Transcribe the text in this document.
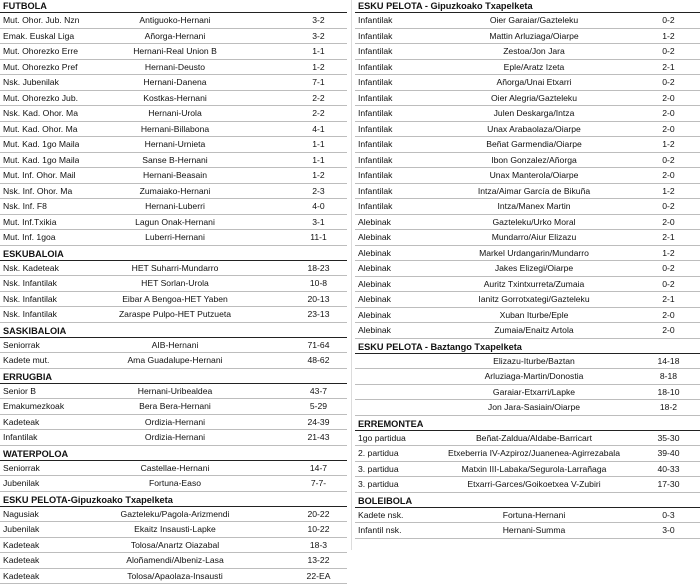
FUTBOLA
Mut. Ohor. Jub. Nzn	Antiguoko-Hernani	3-2
Emak. Euskal Liga	Añorga-Hernani	3-2
Mut. Ohorezko Erre	Hernani-Real Union B	1-1
Mut. Ohorezko Pref	Hernani-Deusto	1-2
Nsk. Jubenilak	Hernani-Danena	7-1
Mut. Ohorezko Jub.	Kostkas-Hernani	2-2
Nsk. Kad. Ohor. Ma	Hernani-Urola	2-2
Mut. Kad. Ohor. Ma	Hernani-Billabona	4-1
Mut. Kad. 1go Maila	Hernani-Urnieta	1-1
Mut. Kad. 1go Maila	Sanse B-Hernani	1-1
Mut. Inf. Ohor. Mail	Hernani-Beasain	1-2
Nsk. Inf. Ohor. Ma	Zumaiako-Hernani	2-3
Nsk. Inf. F8	Hernani-Luberri	4-0
Mut. Inf.Txikia	Lagun Onak-Hernani	3-1
Mut. Inf. 1goa	Luberri-Hernani	11-1
ESKUBALOIA
Nsk. Kadeteak	HET Suharri-Mundarro	18-23
Nsk. Infantilak	HET Sorlan-Urola	10-8
Nsk. Infantilak	Eibar A Bengoa-HET Yaben	20-13
Nsk. Infantilak	Zaraspe Pulpo-HET Putzueta	23-13
SASKIBALOIA
Seniorrak	AIB-Hernani	71-64
Kadete mut.	Ama Guadalupe-Hernani	48-62
ERRUGBIA
Senior B	Hernani-Uribealdea	43-7
Emakumezkoak	Bera Bera-Hernani	5-29
Kadeteak	Ordizia-Hernani	24-39
Infantilak	Ordizia-Hernani	21-43
WATERPOLOA
Seniorrak	Castellae-Hernani	14-7
Jubenilak	Fortuna-Easo	7-7-
ESKU PELOTA-Gipuzkoako Txapelketa
Nagusiak	Gazteleku/Pagola-Arizmendi	20-22
Jubenilak	Ekaitz Insausti-Lapke	10-22
Kadeteak	Tolosa/Anartz Oiazabal	18-3
Kadeteak	Aloñamendi/Albeniz-Lasa	13-22
Kadeteak	Tolosa/Apaolaza-Insausti	22-EA
ESKU PELOTA - Gipuzkoako Txapelketa
Infantilak	Oier Garaiar/Gazteleku	0-2
Infantilak	Mattin Arluziaga/Oiarpe	1-2
Infantilak	Zestoa/Jon Jara	0-2
Infantilak	Eple/Aratz Izeta	2-1
Infantilak	Añorga/Unai Etxarri	0-2
Infantilak	Oier Alegria/Gazteleku	2-0
Infantilak	Julen Deskarga/Intza	2-0
Infantilak	Unax Arabaolaza/Oiarpe	2-0
Infantilak	Beñat Garmendia/Oiarpe	1-2
Infantilak	Ibon Gonzalez/Añorga	0-2
Infantilak	Unax Manterola/Oiarpe	2-0
Infantilak	Intza/Aimar García de Bikuña	1-2
Infantilak	Intza/Manex Martin	0-2
Alebinak	Gazteleku/Urko Moral	2-0
Alebinak	Mundarro/Aiur Elizazu	2-1
Alebinak	Markel Urdangarin/Mundarro	1-2
Alebinak	Jakes Elizegi/Oiarpe	0-2
Alebinak	Auritz Txintxurreta/Zumaia	0-2
Alebinak	Ianitz Gorrotxategi/Gazteleku	2-1
Alebinak	Xuban Iturbe/Eple	2-0
Alebinak	Zumaia/Enaitz Artola	2-0
ESKU PELOTA - Baztango Txapelketa
Elizazu-Iturbe/Baztan	14-18
Arluziaga-Martin/Donostia	8-18
Garaiar-Etxarri/Lapke	18-10
Jon Jara-Sasiain/Oiarpe	18-2
ERREMONTEA
1go partidua	Beñat-Zaldua/Aldabe-Barricart	35-30
2. partidua	Etxeberria IV-Azpiroz/Juanenea-Agirrezabala	39-40
3. partidua	Matxin III-Labaka/Segurola-Larrañaga	40-33
3. partidua	Etxarri-Garces/Goikoetxea V-Zubiri	17-30
BOLEIBOLA
Kadete nsk.	Fortuna-Hernani	0-3
Infantil nsk.	Hernani-Summa	3-0
